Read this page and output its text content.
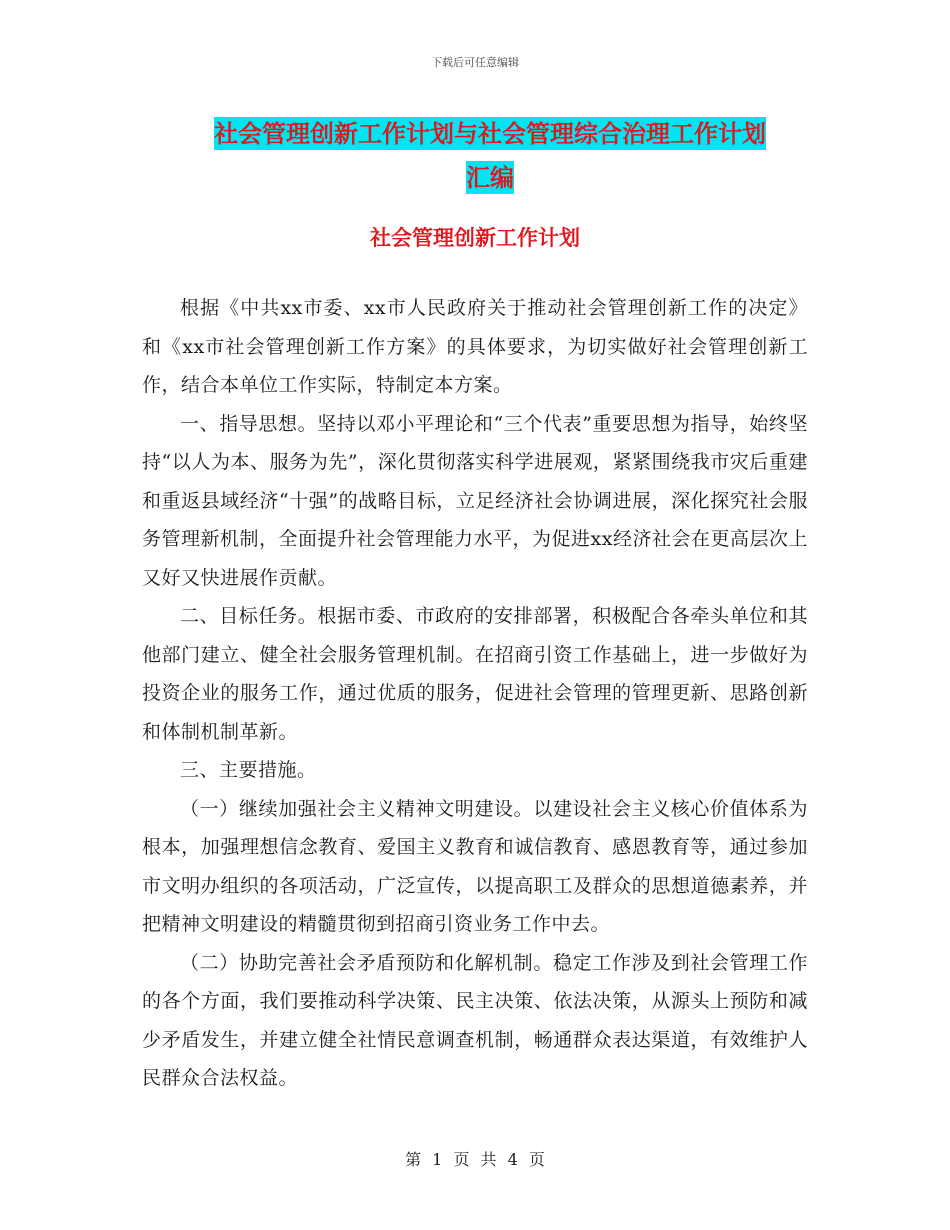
下载后可任意编辑
社会管理创新工作计划与社会管理综合治理工作计划
汇编
社会管理创新工作计划

根据《中共xx市委、xx市人民政府关于推动社会管理创新工作的决定》和《xx市社会管理创新工作方案》的具体要求，为切实做好社会管理创新工作，结合本单位工作实际，特制定本方案。

一、指导思想。坚持以邓小平理论和“三个代表”重要思想为指导，始终坚持“以人为本、服务为先”，深化贯彻落实科学进展观，紧紧围绕我市灾后重建和重返县域经济“十强”的战略目标，立足经济社会协调进展，深化探究社会服务管理新机制，全面提升社会管理能力水平，为促进xx经济社会在更高层次上又好又快进展作贡献。

二、目标任务。根据市委、市政府的安排部署，积极配合各牵头单位和其他部门建立、健全社会服务管理机制。在招商引资工作基础上，进一步做好为投资企业的服务工作，通过优质的服务，促进社会管理的管理更新、思路创新和体制机制革新。

三、主要措施。

（一）继续加强社会主义精神文明建设。以建设社会主义核心价值体系为根本，加强理想信念教育、爱国主义教育和诚信教育、感恩教育等，通过参加市文明办组织的各项活动，广泛宣传，以提高职工及群众的思想道德素养，并把精神文明建设的精髓贯彻到招商引资业务工作中去。

（二）协助完善社会矛盾预防和化解机制。稳定工作涉及到社会管理工作的各个方面，我们要推动科学决策、民主决策、依法决策，从源头上预防和减少矛盾发生，并建立健全社情民意调查机制，畅通群众表达渠道，有效维护人民群众合法权益。

第 1 页 共 4 页
